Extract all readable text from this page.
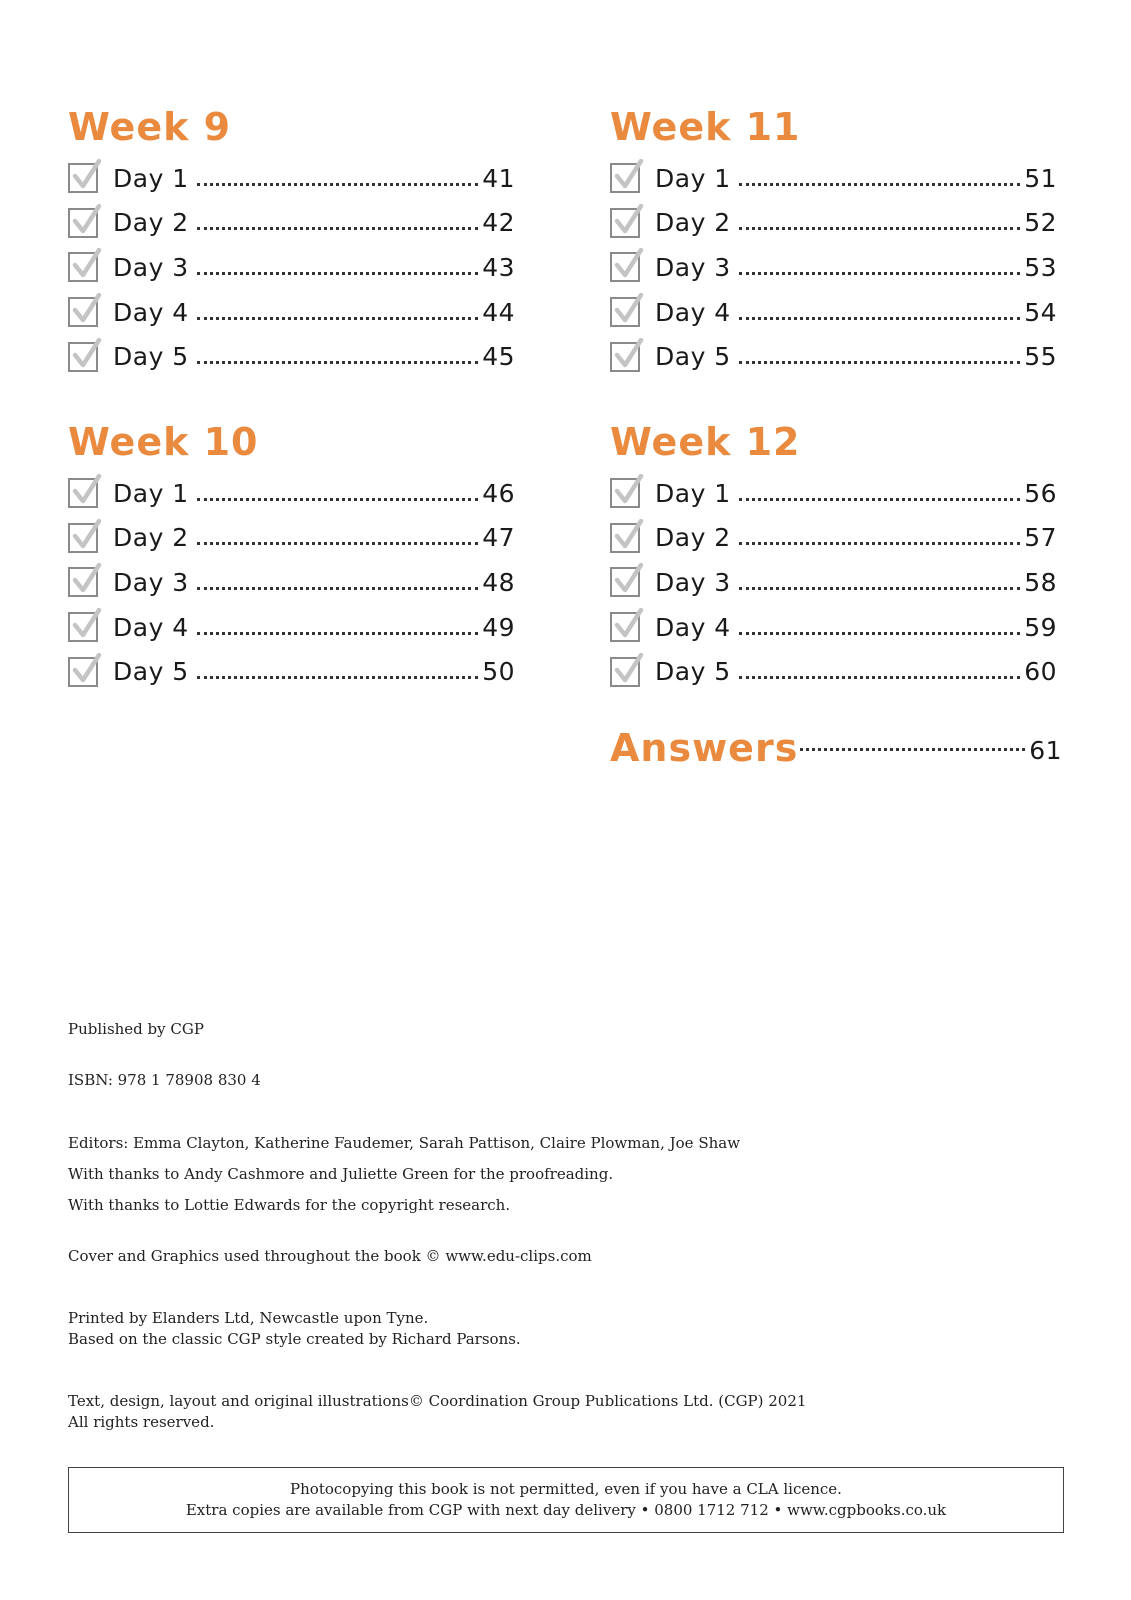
Week 9
Day 1	41
Day 2	42
Day 3	43
Day 4	44
Day 5	45
Week 10
Day 1	46
Day 2	47
Day 3	48
Day 4	49
Day 5	50
Week 11
Day 1	51
Day 2	52
Day 3	53
Day 4	54
Day 5	55
Week 12
Day 1	56
Day 2	57
Day 3	58
Day 4	59
Day 5	60
Answers	61
Published by CGP
ISBN: 978 1 78908 830 4
Editors: Emma Clayton, Katherine Faudemer, Sarah Pattison, Claire Plowman, Joe Shaw
With thanks to Andy Cashmore and Juliette Green for the proofreading.
With thanks to Lottie Edwards for the copyright research.
Cover and Graphics used throughout the book © www.edu-clips.com
Printed by Elanders Ltd, Newcastle upon Tyne.
Based on the classic CGP style created by Richard Parsons.
Text, design, layout and original illustrations© Coordination Group Publications Ltd. (CGP) 2021
All rights reserved.
Photocopying this book is not permitted, even if you have a CLA licence.
Extra copies are available from CGP with next day delivery • 0800 1712 712 • www.cgpbooks.co.uk
